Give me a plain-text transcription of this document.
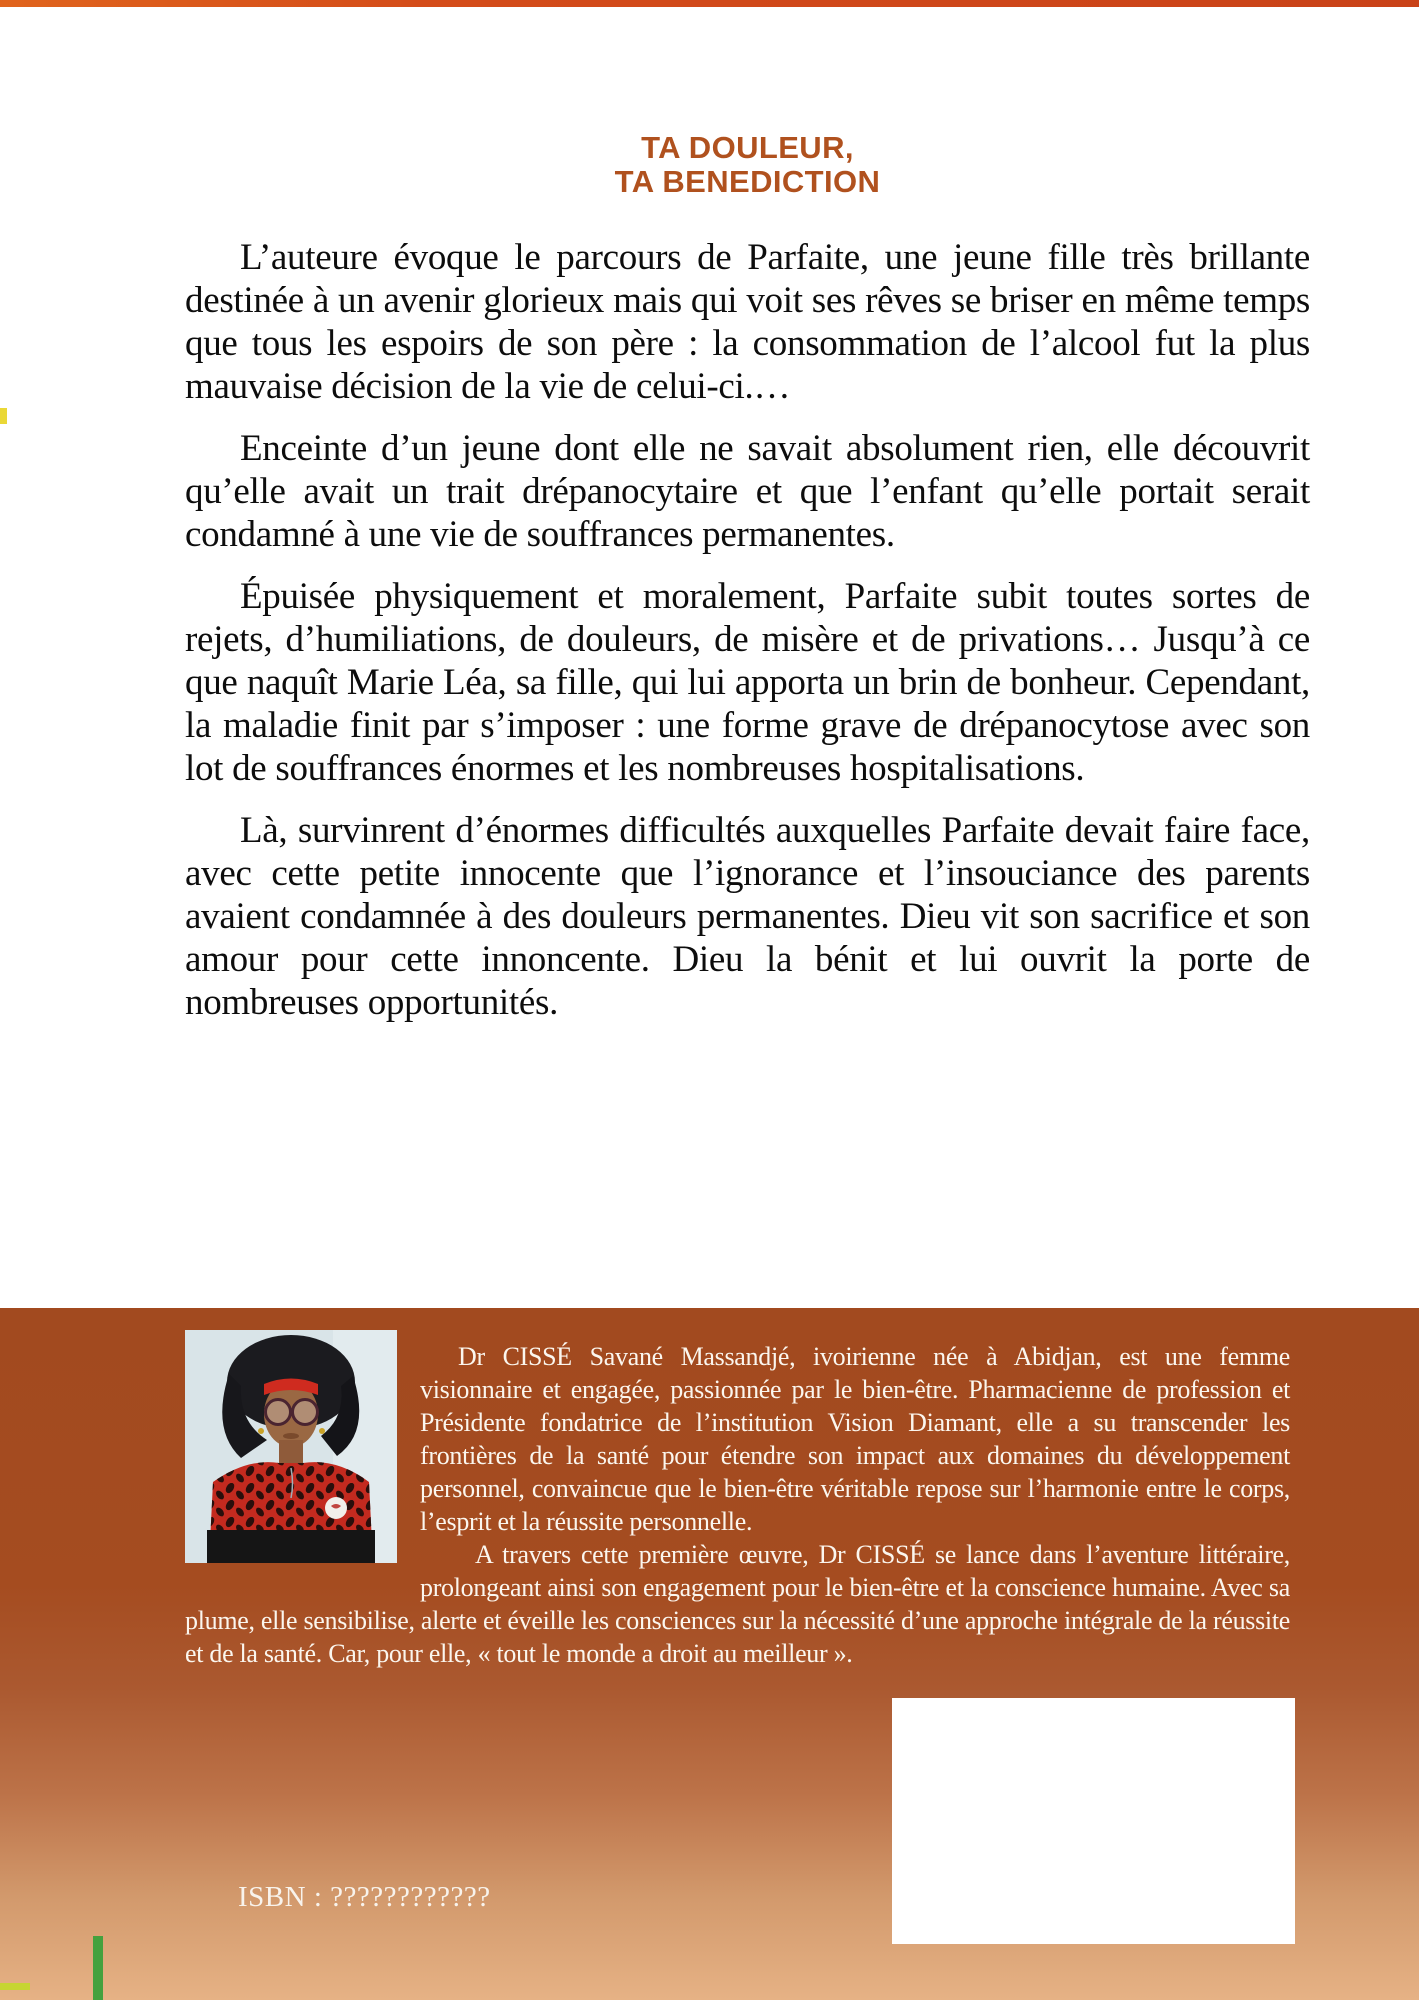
TA DOULEUR,
TA BENEDICTION

L’auteure évoque le parcours de Parfaite, une jeune fille très brillante destinée à un avenir glorieux mais qui voit ses rêves se briser en même temps que tous les espoirs de son père : la consommation de l’alcool fut la plus mauvaise décision de la vie de celui-ci.…

Enceinte d’un jeune dont elle ne savait absolument rien, elle découvrit qu’elle avait un trait drépanocytaire et que l’enfant qu’elle portait serait condamné à une vie de souffrances permanentes.

Épuisée physiquement et moralement, Parfaite subit toutes sortes de rejets, d’humiliations, de douleurs, de misère et de privations… Jusqu’à ce que naquît Marie Léa, sa fille, qui lui apporta un brin de bonheur. Cependant, la maladie finit par s’imposer : une forme grave de drépanocytose avec son lot de souffrances énormes et les nombreuses hospitalisations.

Là, survinrent d’énormes difficultés auxquelles Parfaite devait faire face, avec cette petite innocente que l’ignorance et l’insouciance des parents avaient condamnée à des douleurs permanentes. Dieu vit son sacrifice et son amour pour cette innoncente. Dieu la bénit et lui ouvrit la porte de nombreuses opportunités.

Dr CISSÉ Savané Massandjé, ivoirienne née à Abidjan, est une femme visionnaire et engagée, passionnée par le bien-être. Pharmacienne de profession et Présidente fondatrice de l’institution Vision Diamant, elle a su transcender les frontières de la santé pour étendre son impact aux domaines du développement personnel, convaincue que le bien-être véritable repose sur l’harmonie entre le corps, l’esprit et la réussite personnelle.

A travers cette première œuvre, Dr CISSÉ se lance dans l’aventure littéraire, prolongeant ainsi son engagement pour le bien-être et la conscience humaine. Avec sa plume, elle sensibilise, alerte et éveille les consciences sur la nécessité d’une approche intégrale de la réussite et de la santé. Car, pour elle, « tout le monde a droit au meilleur ».

ISBN : ????????????
